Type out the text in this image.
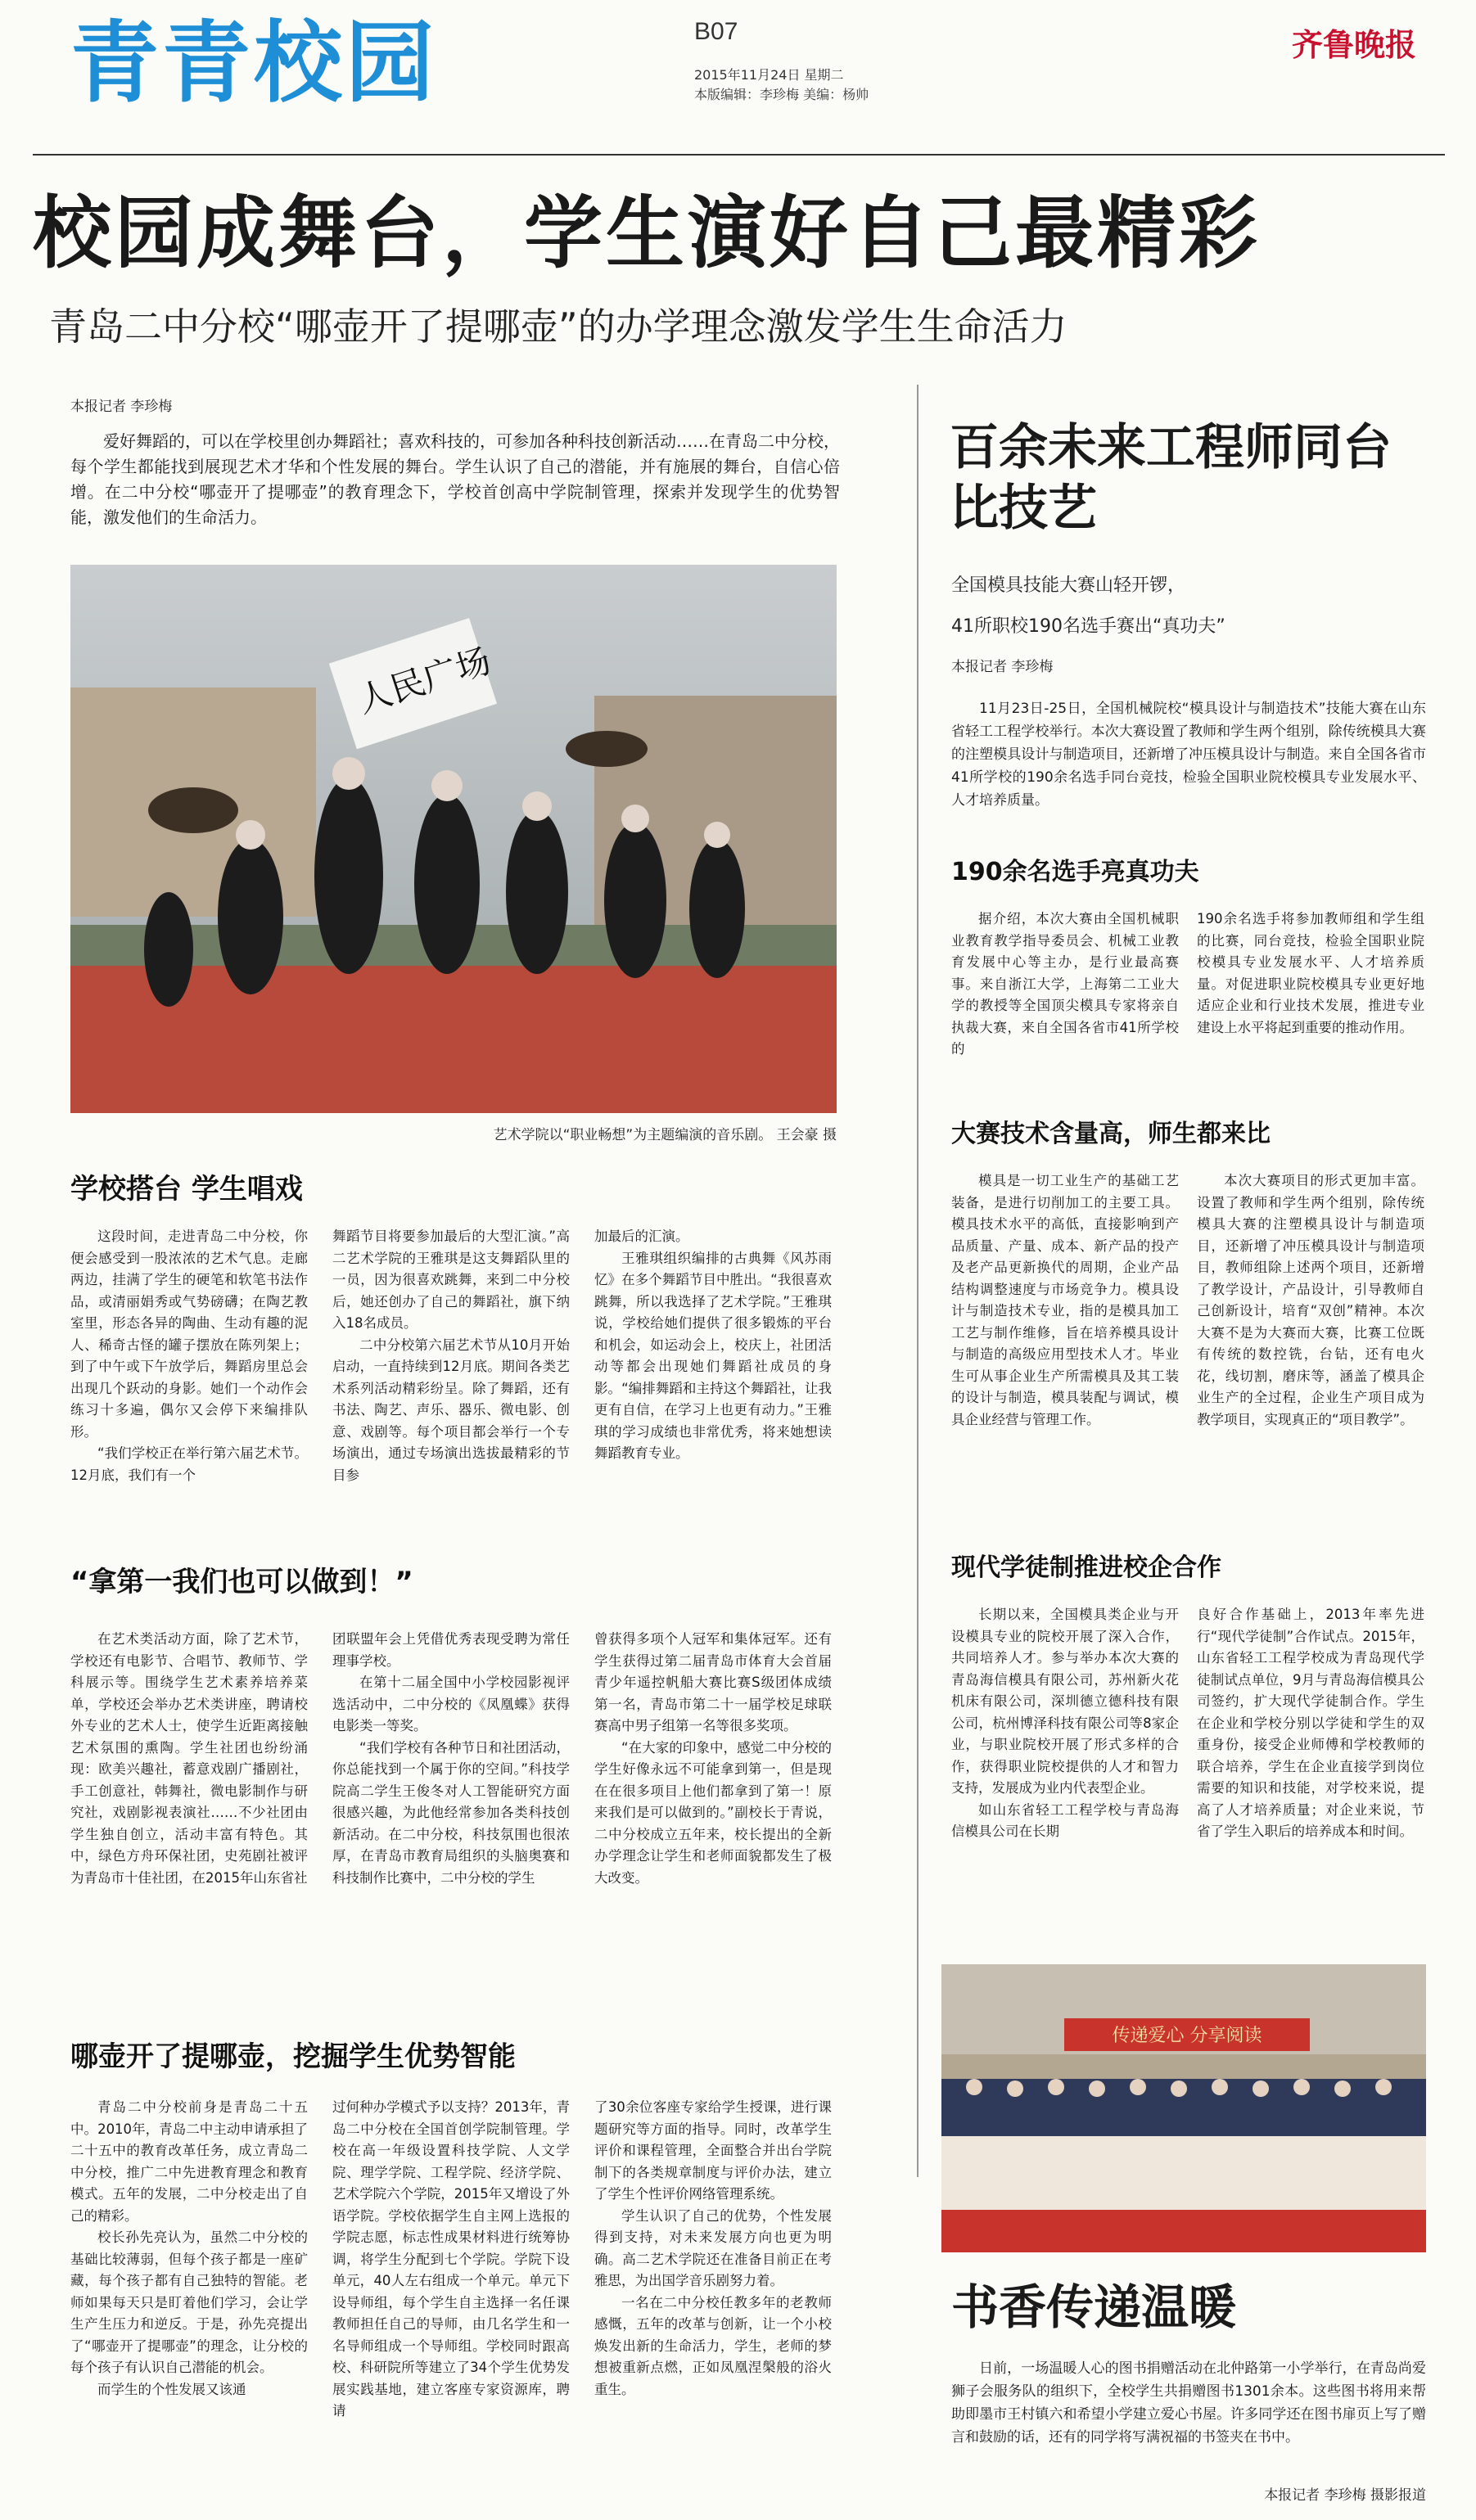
青青校园	B07
2015年11月24日 星期二
本版编辑：李珍梅 美编：杨帅
齐鲁晚报
校园成舞台，学生演好自己最精彩
青岛二中分校“哪壶开了提哪壶”的办学理念激发学生生命活力
本报记者 李珍梅
爱好舞蹈的，可以在学校里创办舞蹈社；喜欢科技的，可参加各种科技创新活动……在青岛二中分校，每个学生都能找到展现艺术才华和个性发展的舞台。学生认识了自己的潜能，并有施展的舞台，自信心倍增。在二中分校“哪壶开了提哪壶”的教育理念下，学校首创高中学院制管理，探索并发现学生的优势智能，激发他们的生命活力。
人民广场
艺术学院以“职业畅想”为主题编演的音乐剧。 王会豪 摄
学校搭台 学生唱戏

这段时间，走进青岛二中分校，你便会感受到一股浓浓的艺术气息。走廊两边，挂满了学生的硬笔和软笔书法作品，或清丽娟秀或气势磅礴；在陶艺教室里，形态各异的陶曲、生动有趣的泥人、稀奇古怪的罐子摆放在陈列架上；到了中午或下午放学后，舞蹈房里总会出现几个跃动的身影。她们一个动作会练习十多遍，偶尔又会停下来编排队形。

“我们学校正在举行第六届艺术节。12月底，我们有一个

舞蹈节目将要参加最后的大型汇演。”高二艺术学院的王雅琪是这支舞蹈队里的一员，因为很喜欢跳舞，来到二中分校后，她还创办了自己的舞蹈社，旗下纳入18名成员。

二中分校第六届艺术节从10月开始启动，一直持续到12月底。期间各类艺术系列活动精彩纷呈。除了舞蹈，还有书法、陶艺、声乐、器乐、微电影、创意、戏剧等。每个项目都会举行一个专场演出，通过专场演出选拔最精彩的节目参

加最后的汇演。

王雅琪组织编排的古典舞《风苏雨忆》在多个舞蹈节目中胜出。“我很喜欢跳舞，所以我选择了艺术学院。”王雅琪说，学校给她们提供了很多锻炼的平台和机会，如运动会上，校庆上，社团活动等都会出现她们舞蹈社成员的身影。“编排舞蹈和主持这个舞蹈社，让我更有自信，在学习上也更有动力。”王雅琪的学习成绩也非常优秀，将来她想读舞蹈教育专业。

“拿第一我们也可以做到！”

在艺术类活动方面，除了艺术节，学校还有电影节、合唱节、教师节、学科展示等。围绕学生艺术素养培养菜单，学校还会举办艺术类讲座，聘请校外专业的艺术人士，使学生近距离接触艺术氛围的熏陶。学生社团也纷纷涌现：欧美兴趣社，蓄意戏剧广播剧社，手工创意社，韩舞社，微电影制作与研究社，戏剧影视表演社……不少社团由学生独自创立，活动丰富有特色。其中，绿色方舟环保社团，史苑剧社被评为青岛市十佳社团，在2015年山东省社

团联盟年会上凭借优秀表现受聘为常任理事学校。

在第十二届全国中小学校园影视评选活动中，二中分校的《凤凰蝶》获得电影类一等奖。

“我们学校有各种节日和社团活动，你总能找到一个属于你的空间。”科技学院高二学生王俊冬对人工智能研究方面很感兴趣，为此他经常参加各类科技创新活动。在二中分校，科技氛围也很浓厚，在青岛市教育局组织的头脑奥赛和科技制作比赛中，二中分校的学生

曾获得多项个人冠军和集体冠军。还有学生获得过第二届青岛市体育大会首届青少年遥控帆船大赛比赛S级团体成绩第一名，青岛市第二十一届学校足球联赛高中男子组第一名等很多奖项。

“在大家的印象中，感觉二中分校的学生好像永远不可能拿到第一，但是现在在很多项目上他们都拿到了第一！原来我们是可以做到的。”副校长于青说，二中分校成立五年来，校长提出的全新办学理念让学生和老师面貌都发生了极大改变。

哪壶开了提哪壶，挖掘学生优势智能

青岛二中分校前身是青岛二十五中。2010年，青岛二中主动申请承担了二十五中的教育改革任务，成立青岛二中分校，推广二中先进教育理念和教育模式。五年的发展，二中分校走出了自己的精彩。

校长孙先亮认为，虽然二中分校的基础比较薄弱，但每个孩子都是一座矿藏，每个孩子都有自己独特的智能。老师如果每天只是盯着他们学习，会让学生产生压力和逆反。于是，孙先亮提出了“哪壶开了提哪壶”的理念，让分校的每个孩子有认识自己潜能的机会。

而学生的个性发展又该通

过何种办学模式予以支持？2013年，青岛二中分校在全国首创学院制管理。学校在高一年级设置科技学院、人文学院、理学学院、工程学院、经济学院、艺术学院六个学院，2015年又增设了外语学院。学校依据学生自主网上选报的学院志愿，标志性成果材料进行统筹协调，将学生分配到七个学院。学院下设单元，40人左右组成一个单元。单元下设导师组，每个学生自主选择一名任课教师担任自己的导师，由几名学生和一名导师组成一个导师组。学校同时跟高校、科研院所等建立了34个学生优势发展实践基地，建立客座专家资源库，聘请

了30余位客座专家给学生授课，进行课题研究等方面的指导。同时，改革学生评价和课程管理，全面整合并出台学院制下的各类规章制度与评价办法，建立了学生个性评价网络管理系统。

学生认识了自己的优势，个性发展得到支持，对未来发展方向也更为明确。高二艺术学院还在准备目前正在考雅思，为出国学音乐剧努力着。

一名在二中分校任教多年的老教师感慨，五年的改革与创新，让一个小校焕发出新的生命活力，学生，老师的梦想被重新点燃，正如凤凰涅槃般的浴火重生。

百余未来工程师同台比技艺
全国模具技能大赛山轻开锣，
41所职校190名选手赛出“真功夫”
本报记者 李珍梅

11月23日-25日，全国机械院校“模具设计与制造技术”技能大赛在山东省轻工工程学校举行。本次大赛设置了教师和学生两个组别，除传统模具大赛的注塑模具设计与制造项目，还新增了冲压模具设计与制造。来自全国各省市41所学校的190余名选手同台竞技，检验全国职业院校模具专业发展水平、人才培养质量。

190余名选手亮真功夫

据介绍，本次大赛由全国机械职业教育教学指导委员会、机械工业教育发展中心等主办，是行业最高赛事。来自浙江大学，上海第二工业大学的教授等全国顶尖模具专家将亲自执裁大赛，来自全国各省市41所学校的

190余名选手将参加教师组和学生组的比赛，同台竞技，检验全国职业院校模具专业发展水平、人才培养质量。对促进职业院校模具专业更好地适应企业和行业技术发展，推进专业建设上水平将起到重要的推动作用。

大赛技术含量高，师生都来比

模具是一切工业生产的基础工艺装备，是进行切削加工的主要工具。模具技术水平的高低，直接影响到产品质量、产量、成本、新产品的投产及老产品更新换代的周期，企业产品结构调整速度与市场竞争力。模具设计与制造技术专业，指的是模具加工工艺与制作维修，旨在培养模具设计与制造的高级应用型技术人才。毕业生可从事企业生产所需模具及其工装的设计与制造，模具装配与调试，模具企业经营与管理工作。

本次大赛项目的形式更加丰富。设置了教师和学生两个组别，除传统模具大赛的注塑模具设计与制造项目，还新增了冲压模具设计与制造项目，教师组除上述两个项目，还新增了教学设计，产品设计，引导教师自己创新设计，培育“双创”精神。本次大赛不是为大赛而大赛，比赛工位既有传统的数控铣，台钻，还有电火花，线切割，磨床等，涵盖了模具企业生产的全过程，企业生产项目成为教学项目，实现真正的“项目教学”。

现代学徒制推进校企合作

长期以来，全国模具类企业与开设模具专业的院校开展了深入合作，共同培养人才。参与举办本次大赛的青岛海信模具有限公司，苏州新火花机床有限公司，深圳德立德科技有限公司，杭州博泽科技有限公司等8家企业，与职业院校开展了形式多样的合作，获得职业院校提供的人才和智力支持，发展成为业内代表型企业。

如山东省轻工工程学校与青岛海信模具公司在长期

良好合作基础上，2013年率先进行“现代学徒制”合作试点。2015年，山东省轻工工程学校成为青岛现代学徒制试点单位，9月与青岛海信模具公司签约，扩大现代学徒制合作。学生在企业和学校分别以学徒和学生的双重身份，接受企业师傅和学校教师的联合培养，学生在企业直接学到岗位需要的知识和技能，对学校来说，提高了人才培养质量；对企业来说，节省了学生入职后的培养成本和时间。

传递爱心 分享阅读
书香传递温暖

日前，一场温暖人心的图书捐赠活动在北仲路第一小学举行，在青岛尚爱狮子会服务队的组织下，全校学生共捐赠图书1301余本。这些图书将用来帮助即墨市王村镇六和希望小学建立爱心书屋。许多同学还在图书扉页上写了赠言和鼓励的话，还有的同学将写满祝福的书签夹在书中。

本报记者 李珍梅 摄影报道
